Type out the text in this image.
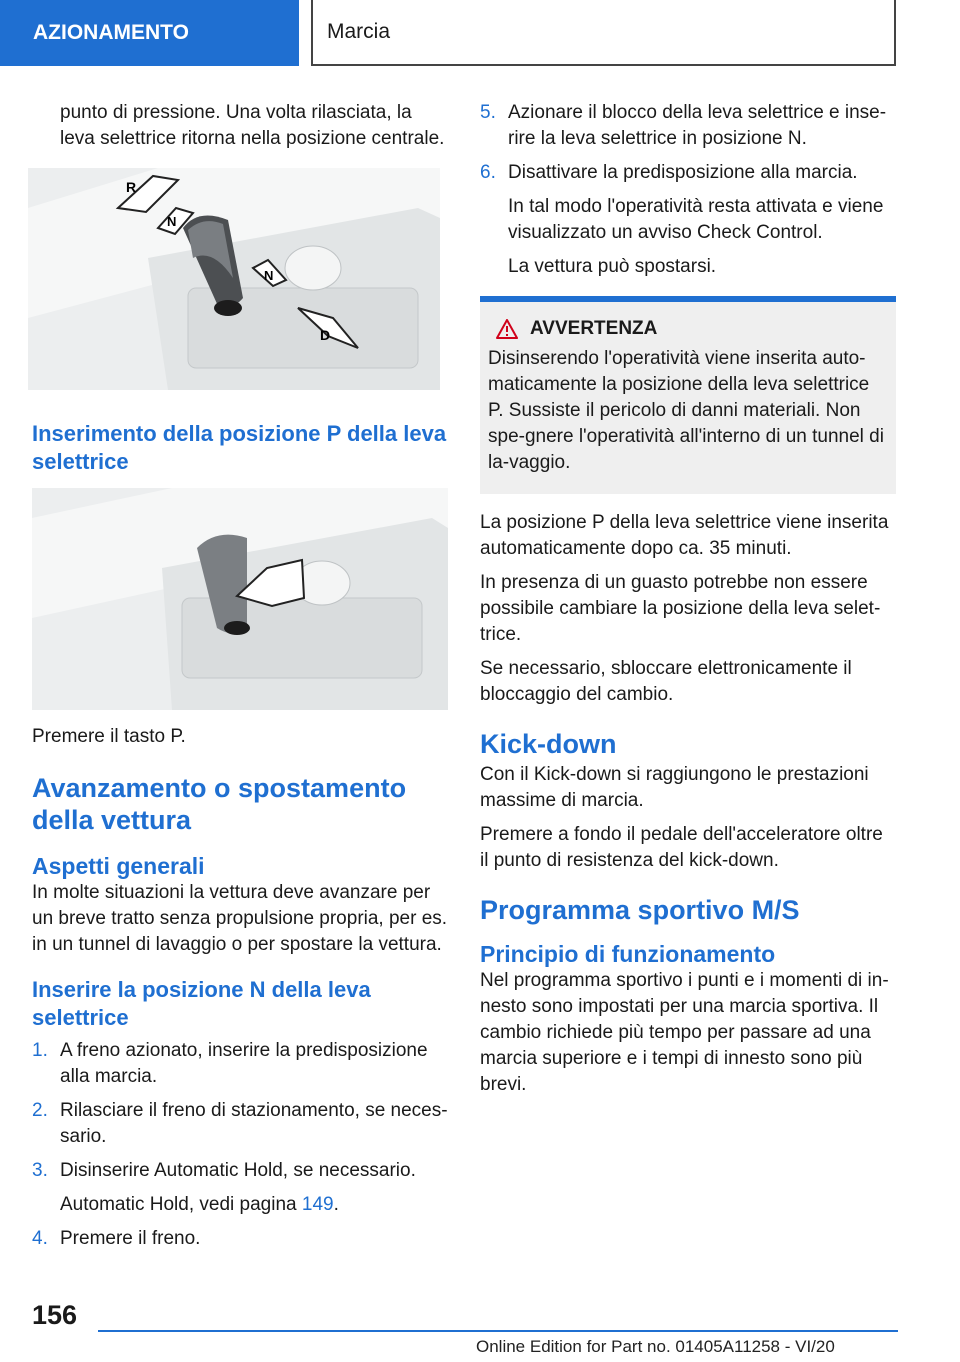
AZIONAMENTO	Marcia

punto di pressione. Una volta rilasciata, la leva selettrice ritorna nella posizione centrale.

R
N
N
D
Inserimento della posizione P della leva selettrice

Premere il tasto P.

Avanzamento o spostamento della vettura
Aspetti generali

In molte situazioni la vettura deve avanzare per un breve tratto senza propulsione propria, per es. in un tunnel di lavaggio o per spostare la vettura.

Inserire la posizione N della leva selettrice
1. A freno azionato, inserire la predisposizione alla marcia.
2. Rilasciare il freno di stazionamento, se neces‐sario.
3. Disinserire Automatic Hold, se necessario.
Automatic Hold, vedi pagina 149.
4. Premere il freno.
5. Azionare il blocco della leva selettrice e inse‐rire la leva selettrice in posizione N.
6. Disattivare la predisposizione alla marcia.
In tal modo l'operatività resta attivata e viene visualizzato un avviso Check Control.
La vettura può spostarsi.
AVVERTENZA

Disinserendo l'operatività viene inserita auto‐maticamente la posizione della leva selettrice P. Sussiste il pericolo di danni materiali. Non spe‐gnere l'operatività all'interno di un tunnel di la‐vaggio.

La posizione P della leva selettrice viene inserita automaticamente dopo ca. 35 minuti.

In presenza di un guasto potrebbe non essere possibile cambiare la posizione della leva selet‐trice.

Se necessario, sbloccare elettronicamente il bloccaggio del cambio.

Kick-down

Con il Kick-down si raggiungono le prestazioni massime di marcia.

Premere a fondo il pedale dell'acceleratore oltre il punto di resistenza del kick-down.

Programma sportivo M/S
Principio di funzionamento

Nel programma sportivo i punti e i momenti di in‐nesto sono impostati per una marcia sportiva. Il cambio richiede più tempo per passare ad una marcia superiore e i tempi di innesto sono più brevi.

156
Online Edition for Part no. 01405A11258 - VI/20
